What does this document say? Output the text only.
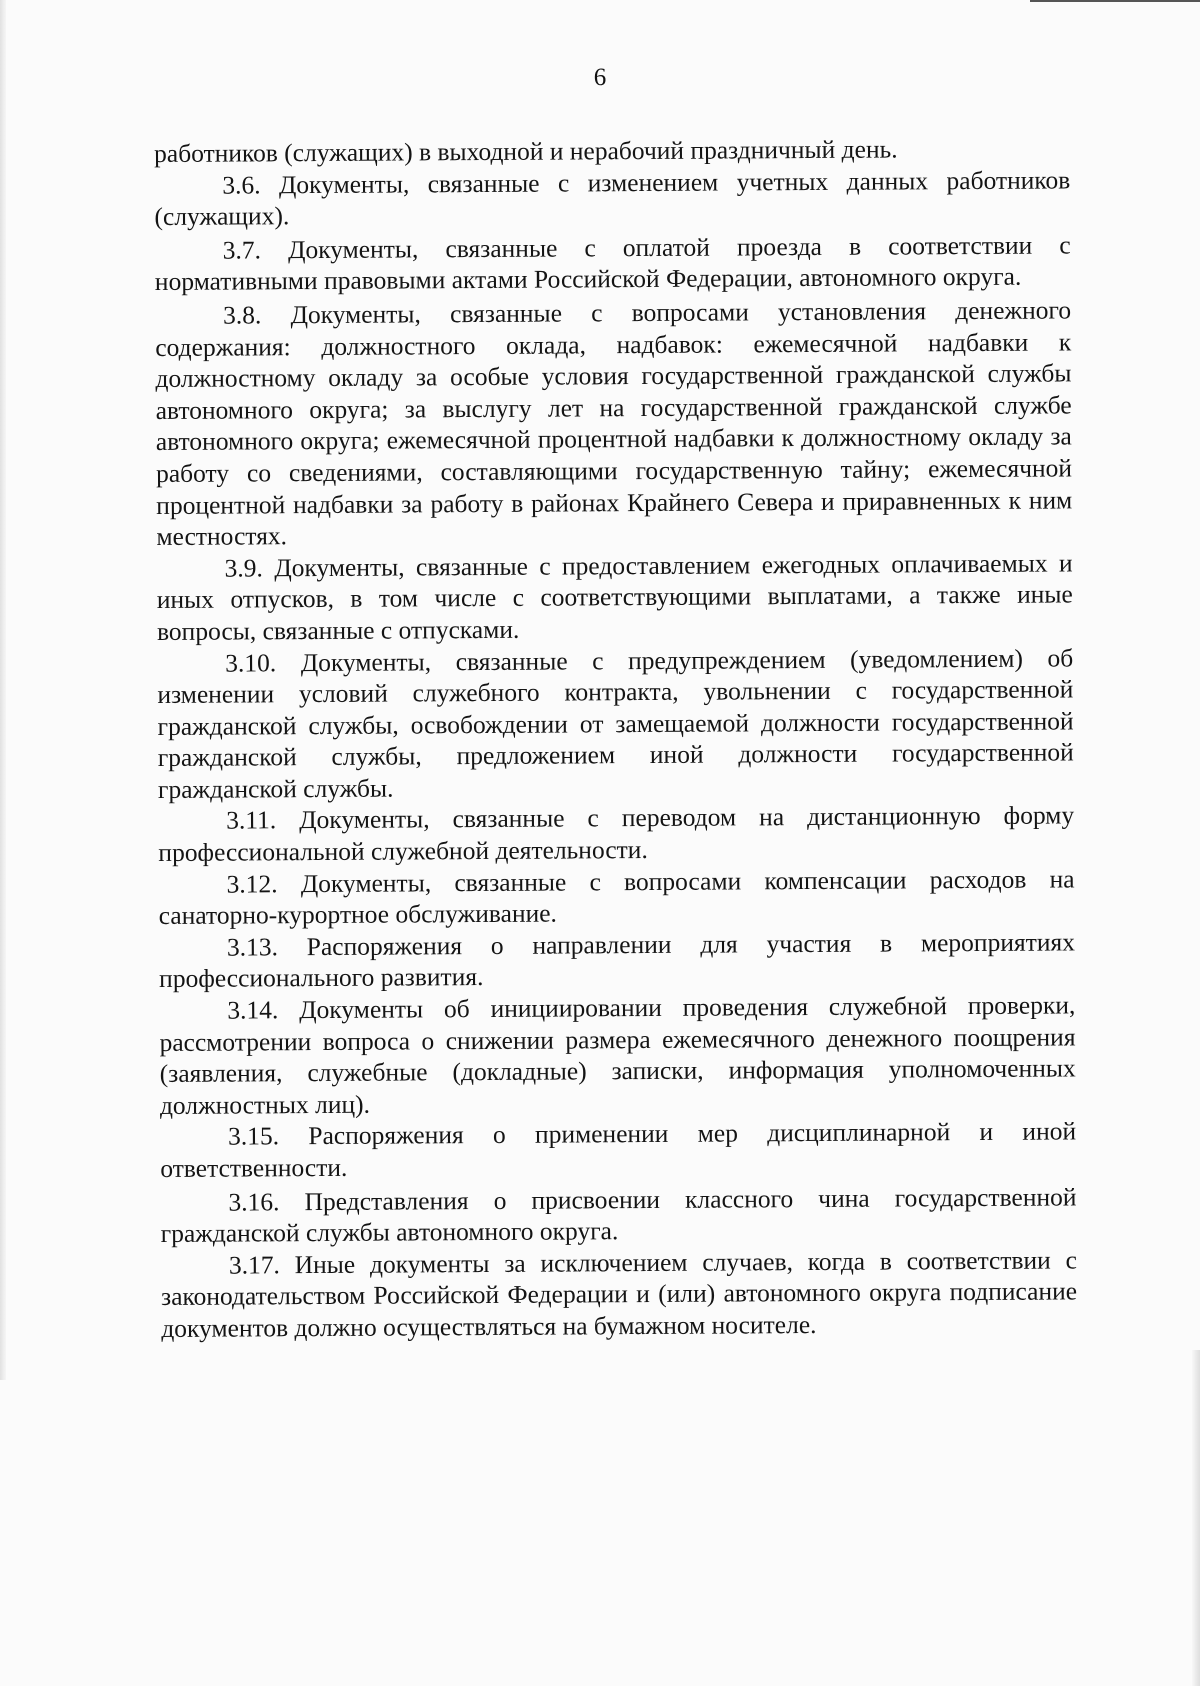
6

работников (служащих) в выходной и нерабочий праздничный день.

3.6. Документы, связанные с изменением учетных данных работников (служащих).

3.7. Документы, связанные с оплатой проезда в соответствии с нормативными правовыми актами Российской Федерации, автономного округа.

3.8. Документы, связанные с вопросами установления денежного содержания: должностного оклада, надбавок: ежемесячной надбавки к должностному окладу за особые условия государственной гражданской службы автономного округа; за выслугу лет на государственной гражданской службе автономного округа; ежемесячной процентной надбавки к должностному окладу за работу со сведениями, составляющими государственную тайну; ежемесячной процентной надбавки за работу в районах Крайнего Севера и приравненных к ним местностях.

3.9. Документы, связанные с предоставлением ежегодных оплачиваемых и иных отпусков, в том числе с соответствующими выплатами, а также иные вопросы, связанные с отпусками.

3.10. Документы, связанные с предупреждением (уведомлением) об изменении условий служебного контракта, увольнении с государственной гражданской службы, освобождении от замещаемой должности государственной гражданской службы, предложением иной должности государственной гражданской службы.

3.11. Документы, связанные с переводом на дистанционную форму профессиональной служебной деятельности.

3.12. Документы, связанные с вопросами компенсации расходов на санаторно-курортное обслуживание.

3.13. Распоряжения о направлении для участия в мероприятиях профессионального развития.

3.14. Документы об инициировании проведения служебной проверки, рассмотрении вопроса о снижении размера ежемесячного денежного поощрения (заявления, служебные (докладные) записки, информация уполномоченных должностных лиц).

3.15. Распоряжения о применении мер дисциплинарной и иной ответственности.

3.16. Представления о присвоении классного чина государственной гражданской службы автономного округа.

3.17. Иные документы за исключением случаев, когда в соответствии с законодательством Российской Федерации и (или) автономного округа подписание документов должно осуществляться на бумажном носителе.
